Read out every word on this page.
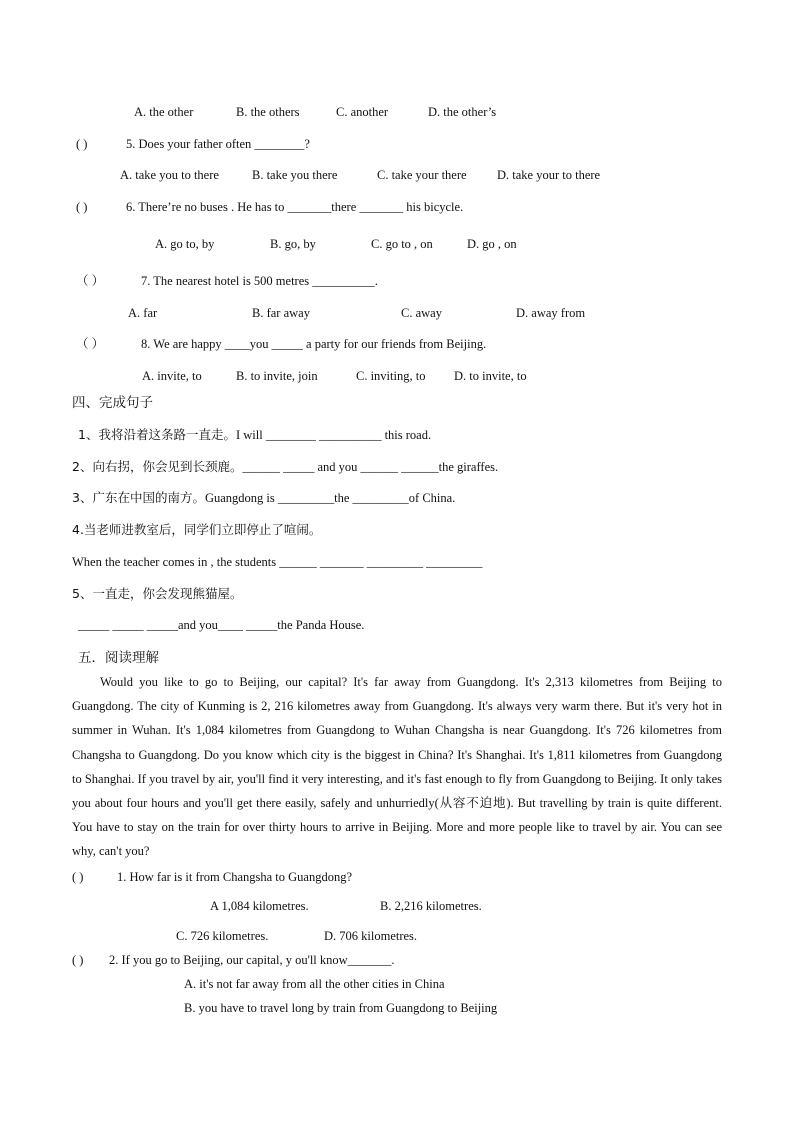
A. the other	B. the others	C. another	D. the other’s
( )	5. Does your father often ________?
A. take you to there	B. take you there	C. take your there D. take your to there
( )	6. There’re no buses . He has to _______there _______ his bicycle.
A. go to, by	B. go, by	C. go to , on	D. go , on
（ ）	7. The nearest hotel is 500 metres __________.
A. far	B. far away	C. away	D. away from
（ ）	8. We are happy ____you _____ a party for our friends from Beijing.
A. invite, to	B. to invite, join	C. inviting, to D. to invite, to
四、完成句子
1、我将沿着这条路一直走。I will ________ __________ this road.
2、向右拐，你会见到长颈鹿。______ _____ and you ______ ______the giraffes.
3、广东在中国的南方。Guangdong is _________the _________of China.
4.当老师进教室后，同学们立即停止了喧闹。
When the teacher comes in , the students ______ _______ _________ _________
5、一直走，你会发现熊猫屋。
_____ _____ _____and you____ _____the Panda House.
五．阅读理解
Would you like to go to Beijing, our capital? It's far away from Guangdong. It's 2,313 kilometres from Beijing to Guangdong. The city of Kunming is 2, 216 kilometres away from Guangdong. It's always very warm there. But it's very hot in summer in Wuhan. It's 1,084 kilometres from Guangdong to Wuhan Changsha is near Guangdong. It's 726 kilometres from Changsha to Guangdong. Do you know which city is the biggest in China? It's Shanghai. It's 1,811 kilometres from Guangdong to Shanghai. If you travel by air, you'll find it very interesting, and it's fast enough to fly from Guangdong to Beijing. It only takes you about four hours and you'll get there easily, safely and unhurriedly(从容不迫地). But travelling by train is quite different. You have to stay on the train for over thirty hours to arrive in Beijing. More and more people like to travel by air. You can see why, can't you?
( )	1. How far is it from Changsha to Guangdong?
A 1,084 kilometres.	B. 2,216 kilometres.
C. 726 kilometres.	D. 706 kilometres.
( ) 2. If you go to Beijing, our capital, y ou'll know_______.
A. it's not far away from all the other cities in China
B. you have to travel long by train from Guangdong to Beijing
